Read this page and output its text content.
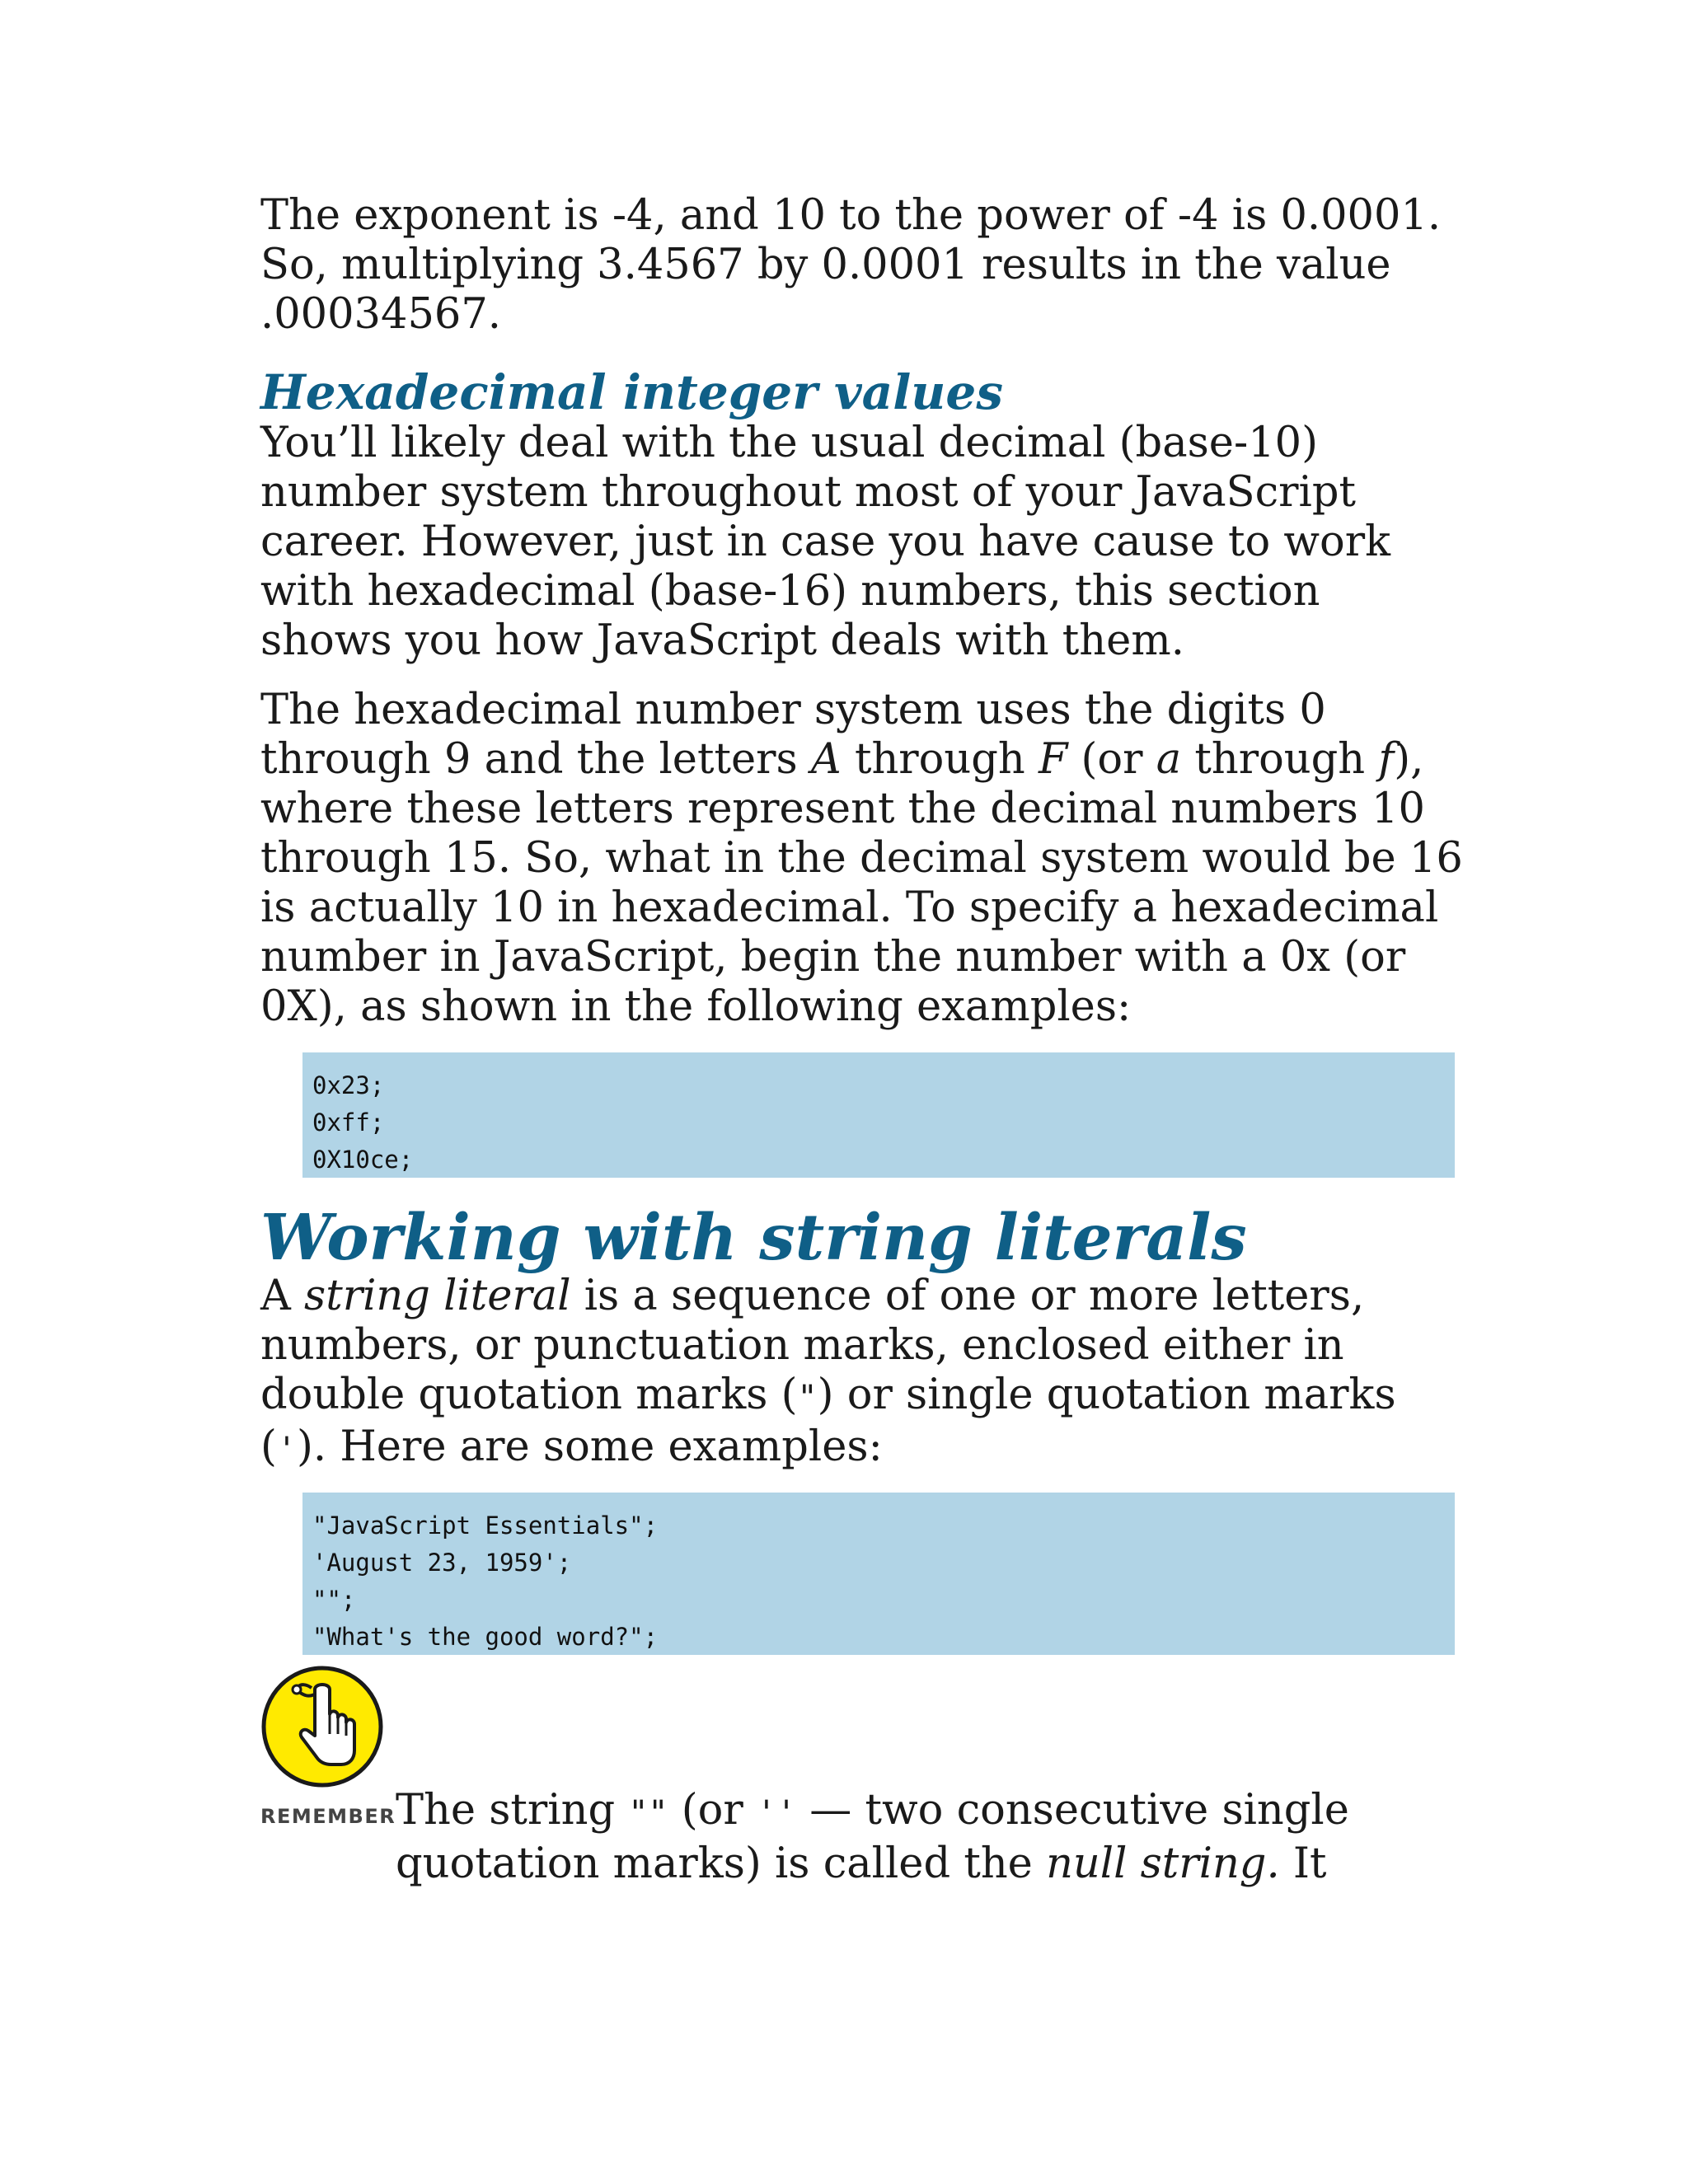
The exponent is -4, and 10 to the power of -4 is 0.0001. So, multiplying 3.4567 by 0.0001 results in the value .00034567.

Hexadecimal integer values

You’ll likely deal with the usual decimal (base-10) number system throughout most of your JavaScript career. However, just in case you have cause to work with hexadecimal (base-16) numbers, this section shows you how JavaScript deals with them.

The hexadecimal number system uses the digits 0 through 9 and the letters A through F (or a through f), where these letters represent the decimal numbers 10 through 15. So, what in the decimal system would be 16 is actually 10 in hexadecimal. To specify a hexadecimal number in JavaScript, begin the number with a 0x (or 0X), as shown in the following examples:

0x23;
0xff;
0X10ce;
Working with string literals

A string literal is a sequence of one or more letters, numbers, or punctuation marks, enclosed either in double quotation marks (") or single quotation marks ('). Here are some examples:

"JavaScript Essentials";
'August 23, 1959';
"";
"What's the good word?";
REMEMBER The string "" (or '' — two consecutive single quotation marks) is called the null string. It
